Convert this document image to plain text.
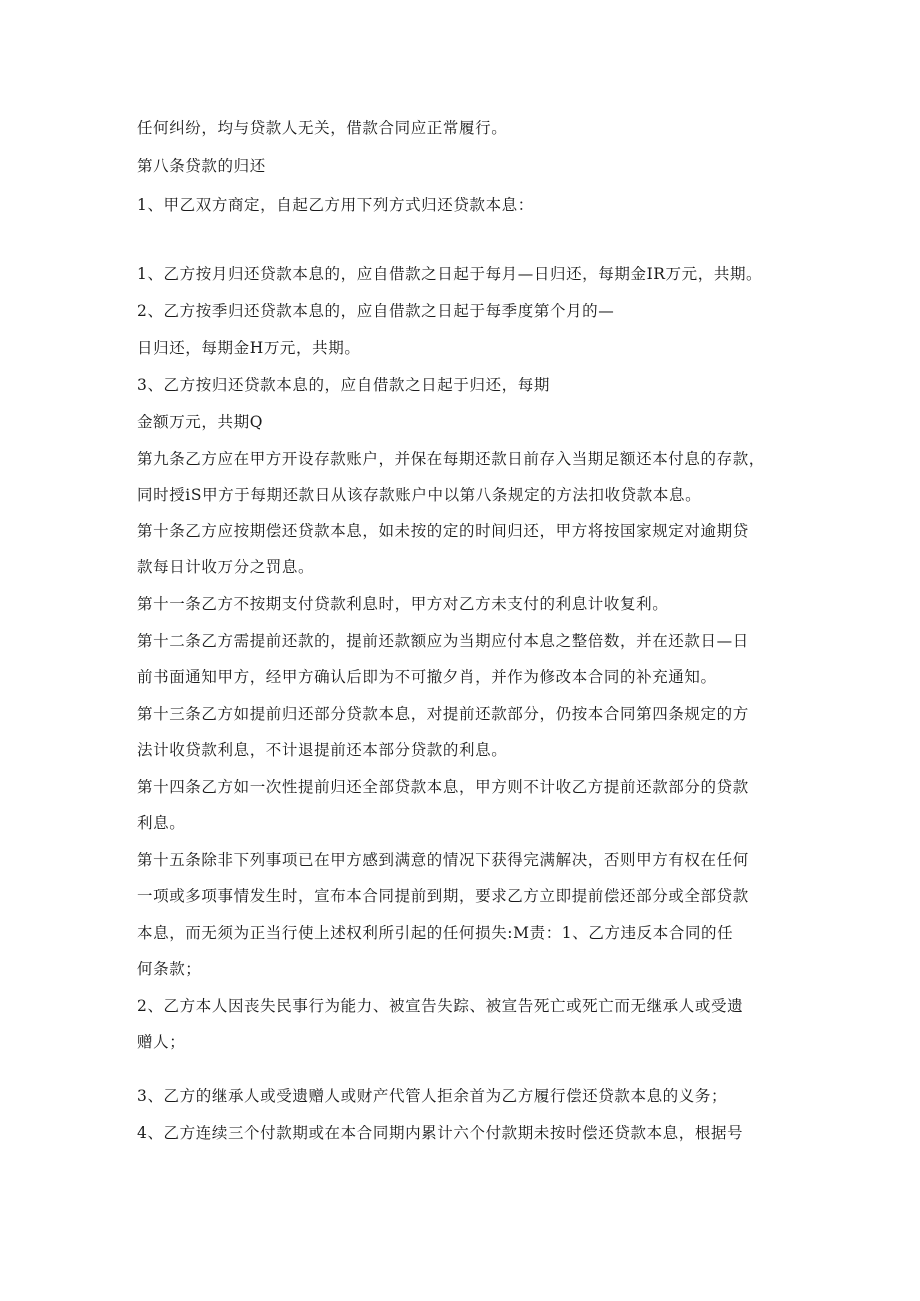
任何纠纷，均与贷款人无关，借款合同应正常履行。
第八条贷款的归还
1、甲乙双方商定，自起乙方用下列方式归还贷款本息：
1、乙方按月归还贷款本息的，应自借款之日起于每月—日归还，每期金IR万元，共期。
2、乙方按季归还贷款本息的，应自借款之日起于每季度第个月的—
日归还，每期金H万元，共期。
3、乙方按归还贷款本息的，应自借款之日起于归还，每期
金额万元，共期Q
第九条乙方应在甲方开设存款账户，并保在每期还款日前存入当期足额还本付息的存款，
同时授iS甲方于每期还款日从该存款账户中以第八条规定的方法扣收贷款本息。
第十条乙方应按期偿还贷款本息，如未按的定的时间归还，甲方将按国家规定对逾期贷
款每日计收万分之罚息。
第十一条乙方不按期支付贷款利息时，甲方对乙方未支付的利息计收复利。
第十二条乙方需提前还款的，提前还款额应为当期应付本息之整倍数，并在还款日—日
前书面通知甲方，经甲方确认后即为不可撤夕肖，并作为修改本合同的补充通知。
第十三条乙方如提前归还部分贷款本息，对提前还款部分，仍按本合同第四条规定的方
法计收贷款利息，不计退提前还本部分贷款的利息。
第十四条乙方如一次性提前归还全部贷款本息，甲方则不计收乙方提前还款部分的贷款
利息。
第十五条除非下列事项已在甲方感到满意的情况下获得完满解决，否则甲方有权在任何
一项或多项事情发生时，宣布本合同提前到期，要求乙方立即提前偿还部分或全部贷款
本息，而无须为正当行使上述权利所引起的任何损失:M责：1、乙方违反本合同的任
何条款；
2、乙方本人因丧失民事行为能力、被宣告失踪、被宣告死亡或死亡而无继承人或受遗
赠人；
3、乙方的继承人或受遗赠人或财产代管人拒余首为乙方履行偿还贷款本息的义务；
4、乙方连续三个付款期或在本合同期内累计六个付款期未按时偿还贷款本息，根据号
